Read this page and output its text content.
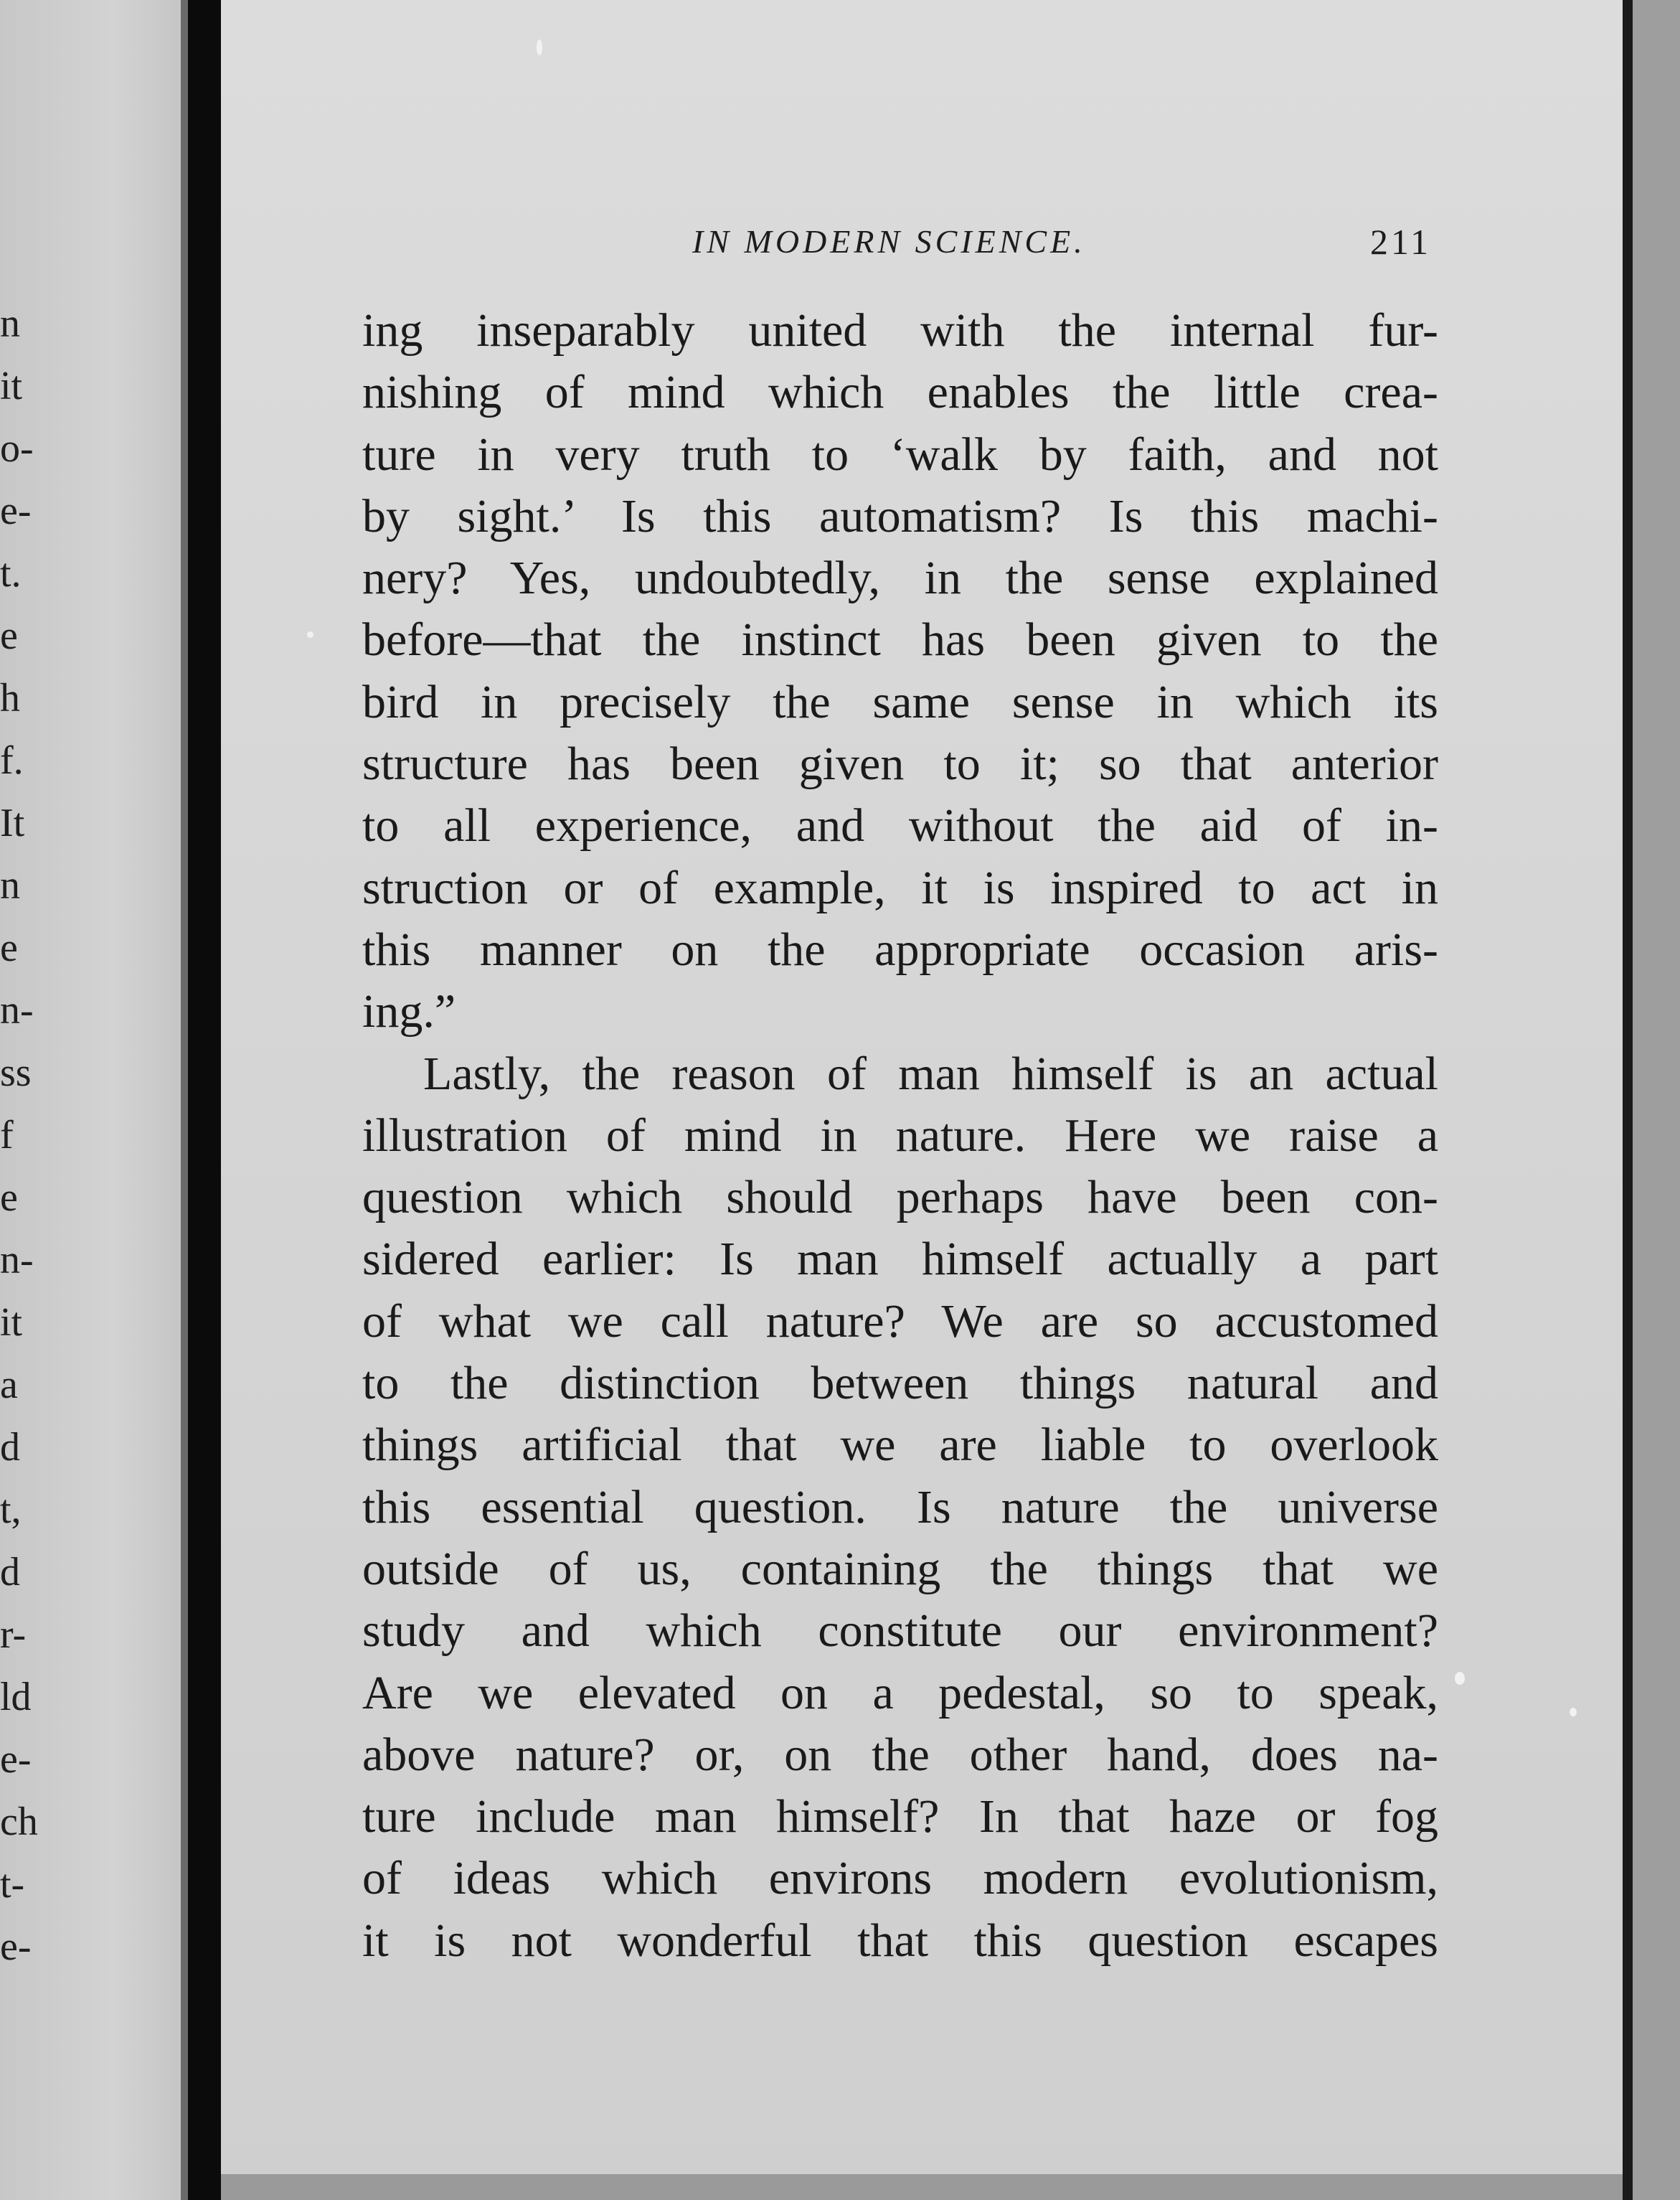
n
it
o-
e-
t.
e
h
f.
It
n
e
n-
ss
f
e
n-
it
a
d
t,
d
r-
ld
e-
ch
t-
e-
IN MODERN SCIENCE.	211
ing inseparably united with the internal fur-
nishing of mind which enables the little crea-
ture in very truth to ‘walk by faith, and not
by sight.’ Is this automatism? Is this machi-
nery? Yes, undoubtedly, in the sense explained
before—that the instinct has been given to the
bird in precisely the same sense in which its
structure has been given to it; so that anterior
to all experience, and without the aid of in-
struction or of example, it is inspired to act in
this manner on the appropriate occasion aris-
ing.”
Lastly, the reason of man himself is an actual
illustration of mind in nature. Here we raise a
question which should perhaps have been con-
sidered earlier: Is man himself actually a part
of what we call nature? We are so accustomed
to the distinction between things natural and
things artificial that we are liable to overlook
this essential question. Is nature the universe
outside of us, containing the things that we
study and which constitute our environment?
Are we elevated on a pedestal, so to speak,
above nature? or, on the other hand, does na-
ture include man himself? In that haze or fog
of ideas which environs modern evolutionism,
it is not wonderful that this question escapes
